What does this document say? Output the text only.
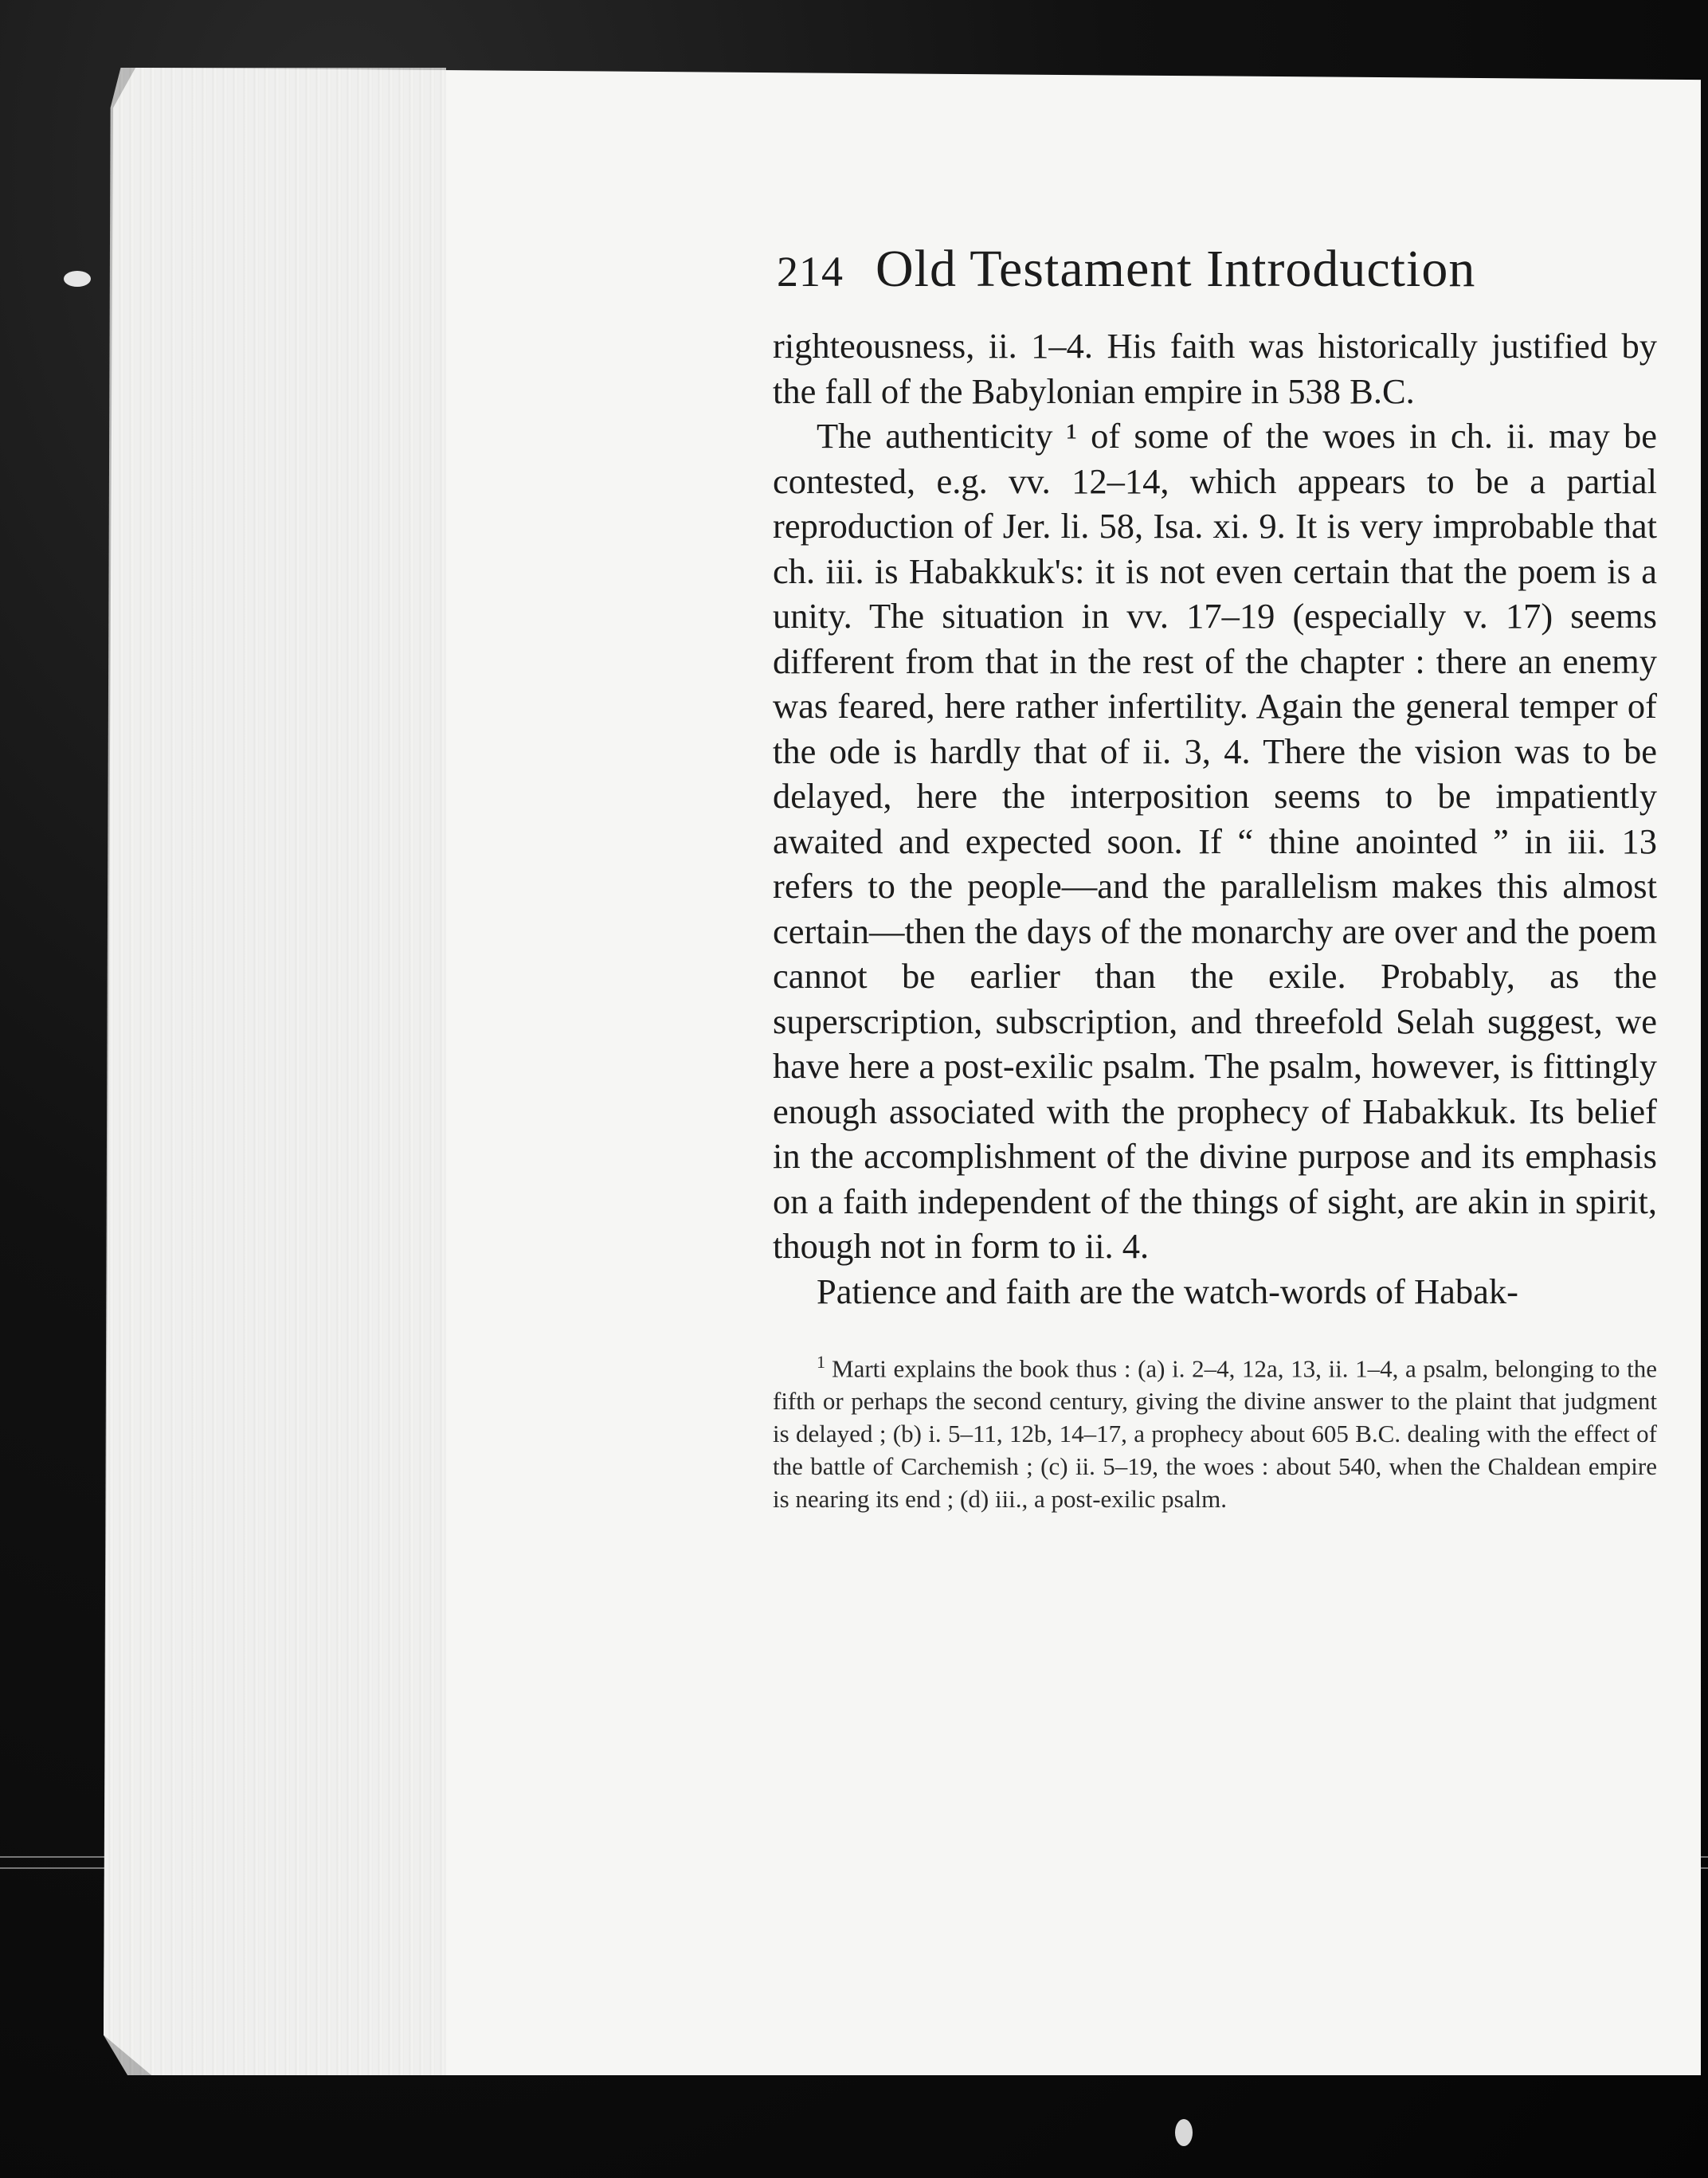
214 Old Testament Introduction

righteousness, ii. 1–4. His faith was historically justified by the fall of the Babylonian empire in 538 B.C.

The authenticity ¹ of some of the woes in ch. ii. may be contested, e.g. vv. 12–14, which appears to be a partial reproduction of Jer. li. 58, Isa. xi. 9. It is very improbable that ch. iii. is Habakkuk's: it is not even certain that the poem is a unity. The situation in vv. 17–19 (especially v. 17) seems different from that in the rest of the chapter : there an enemy was feared, here rather infertility. Again the general temper of the ode is hardly that of ii. 3, 4. There the vision was to be delayed, here the interposition seems to be impatiently awaited and expected soon. If “ thine anointed ” in iii. 13 refers to the people—and the parallelism makes this almost certain—then the days of the monarchy are over and the poem cannot be earlier than the exile. Probably, as the superscription, subscription, and threefold Selah suggest, we have here a post-exilic psalm. The psalm, however, is fittingly enough associated with the prophecy of Habakkuk. Its belief in the accomplishment of the divine purpose and its emphasis on a faith independent of the things of sight, are akin in spirit, though not in form to ii. 4.

Patience and faith are the watch-words of Habak-

$^1$ Marti explains the book thus : (a) i. 2–4, 12a, 13, ii. 1–4, a psalm, belonging to the fifth or perhaps the second century, giving the divine answer to the plaint that judgment is delayed ; (b) i. 5–11, 12b, 14–17, a prophecy about 605 B.C. dealing with the effect of the battle of Carchemish ; (c) ii. 5–19, the woes : about 540, when the Chaldean empire is nearing its end ; (d) iii., a post-exilic psalm.
